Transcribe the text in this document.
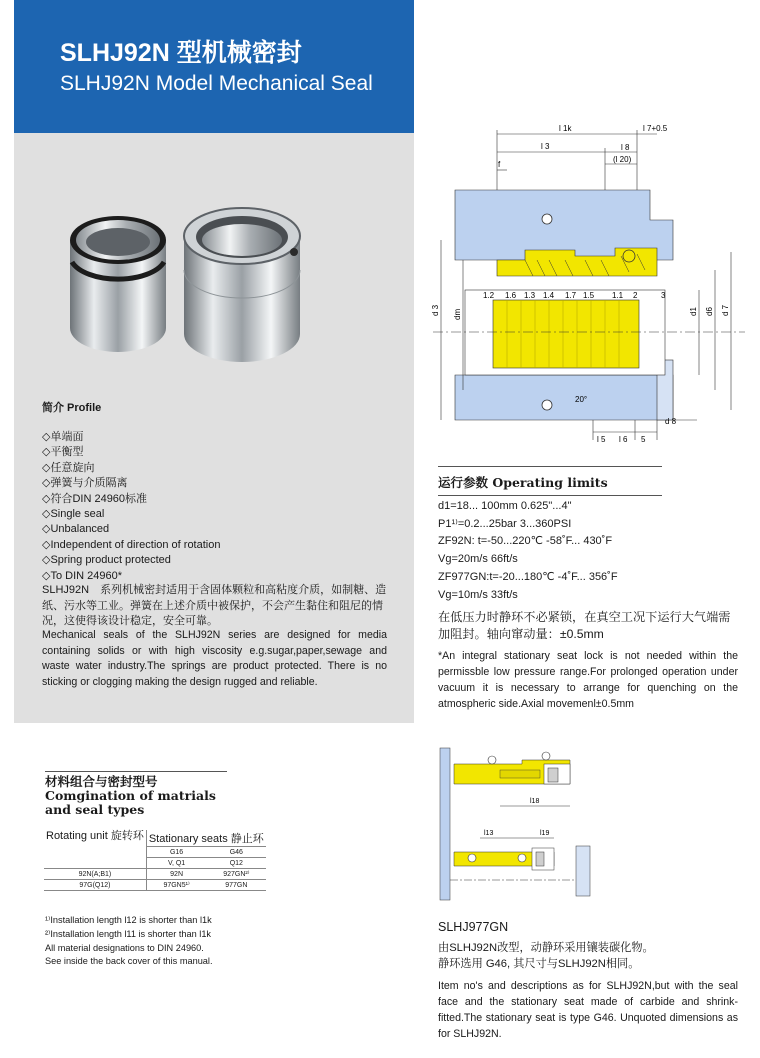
SLHJ92N 型机械密封
SLHJ92N Model Mechanical Seal
简介 Profile
◇单端面
◇平衡型
◇任意旋向
◇弹簧与介质隔离
◇符合DIN 24960标准
◇Single seal
◇Unbalanced
◇Independent of direction of rotation
◇Spring product protected
◇To DIN 24960*
SLHJ92N　系列机械密封适用于含固体颗粒和高粘度介质，如制糖、造纸、污水等工业。弹簧在上述介质中被保护，不会产生黏住和阻尼的情况，这使得该设计稳定，安全可靠。
Mechanical seals of the SLHJ92N series are designed for media containing solids or with high viscosity e.g.sugar,paper,sewage and waste water industry.The springs are product protected. There is no sticking or clogging making the design rugged and reliable.
l 1k
l 3	l 8
(l 20)
l 7+0.5
f
1.2 1.6 1.3 1.4 1.7 1.5 1.1 2	3
d 3 dm	d1 d6 d 7
l 5 l 6 5
d 8
20°
运行参数 Operating limits
d1=18... 100mm 0.625"...4"
P1¹⁾=0.2...25bar 3...360PSI
ZF92N: t=-50...220℃ -58˚F... 430˚F
Vg=20m/s 66ft/s
ZF977GN:t=-20...180℃ -4˚F... 356˚F
Vg=10m/s 33ft/s
在低压力时静环不必紧锁，在真空工况下运行大气端需加阻封。轴向窜动量：±0.5mm
*An integral stationary seat lock is not needed within the permissble low pressure range.For prolonged operation under vacuum it is necessary to arrange for quenching on the atmospheric side.Axial movemenl±0.5mm
材料组合与密封型号
Comgination of matrials
and seal types
Rotating unit 旋转环	Stationary seats 静止环	
	G16	G46
	V, Q1	Q12
92N(A;B1)	92N	927GN²⁾
97G(Q12)	97GN5¹⁾	977GN
¹⁾Installation length l12 is shorter than l1k
²⁾Installation length l11 is shorter than l1k
All material designations to DIN 24960.
See inside the back cover of this manual.
l18
l13	l19
SLHJ977GN
由SLHJ92N改型，动静环采用镶装碳化物。
静环选用 G46, 其尺寸与SLHJ92N相同。
Item no's and descriptions as for SLHJ92N,but with the seal face and the stationary seat made of carbide and shrink-fitted.The stationary seat is type G46. Unquoted dimensions as for SLHJ92N.
